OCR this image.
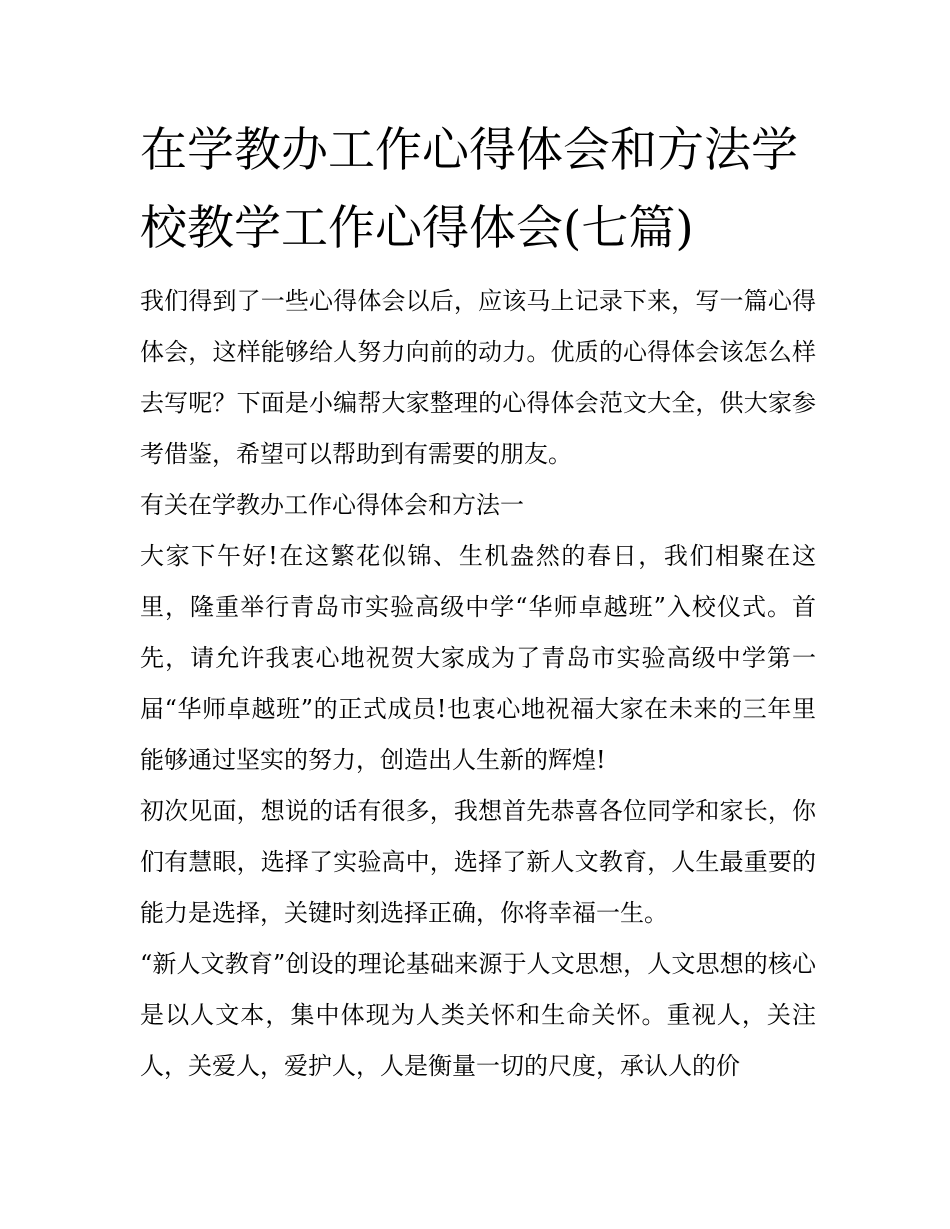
在学教办工作心得体会和方法学校教学工作心得体会(七篇)

我们得到了一些心得体会以后，应该马上记录下来，写一篇心得体会，这样能够给人努力向前的动力。优质的心得体会该怎么样去写呢？下面是小编帮大家整理的心得体会范文大全，供大家参考借鉴，希望可以帮助到有需要的朋友。

有关在学教办工作心得体会和方法一

大家下午好!在这繁花似锦、生机盎然的春日，我们相聚在这里，隆重举行青岛市实验高级中学“华师卓越班”入校仪式。首先，请允许我衷心地祝贺大家成为了青岛市实验高级中学第一届“华师卓越班”的正式成员!也衷心地祝福大家在未来的三年里能够通过坚实的努力，创造出人生新的辉煌!

初次见面，想说的话有很多，我想首先恭喜各位同学和家长，你们有慧眼，选择了实验高中，选择了新人文教育，人生最重要的能力是选择，关键时刻选择正确，你将幸福一生。

“新人文教育”创设的理论基础来源于人文思想，人文思想的核心是以人文本，集中体现为人类关怀和生命关怀。重视人，关注人，关爱人，爱护人，人是衡量一切的尺度，承认人的价
